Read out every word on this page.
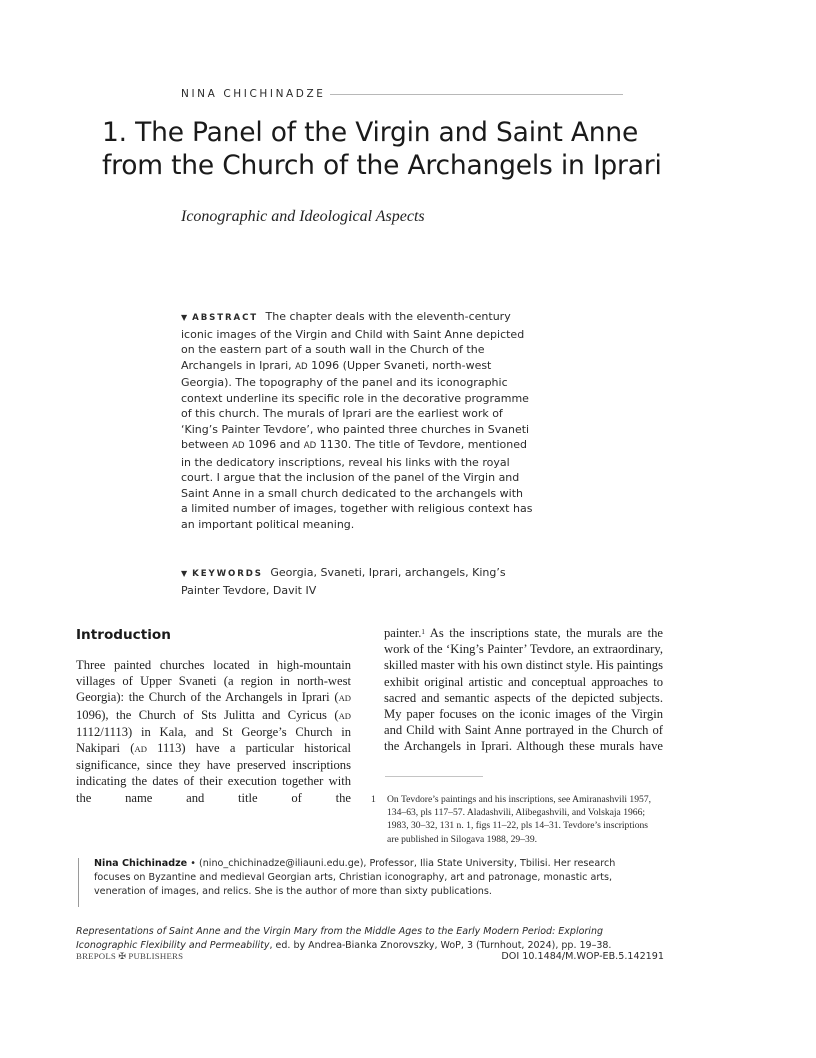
NINA CHICHINADZE
1. The Panel of the Virgin and Saint Anne
from the Church of the Archangels in Iprari
Iconographic and Ideological Aspects
▼ ABSTRACT The chapter deals with the eleventh-century iconic images of the Virgin and Child with Saint Anne depicted on the eastern part of a south wall in the Church of the Archangels in Iprari, AD 1096 (Upper Svaneti, north-west Georgia). The topography of the panel and its iconographic context underline its specific role in the decorative programme of this church. The murals of Iprari are the earliest work of ‘King’s Painter Tevdore’, who painted three churches in Svaneti between AD 1096 and AD 1130. The title of Tevdore, mentioned in the dedicatory inscriptions, reveal his links with the royal court. I argue that the inclusion of the panel of the Virgin and Saint Anne in a small church dedicated to the archangels with a limited number of images, together with religious context has an important political meaning.
▼ KEYWORDS Georgia, Svaneti, Iprari, archangels, King’s Painter Tevdore, Davit IV
Introduction

Three painted churches located in high-mountain villages of Upper Svaneti (a region in north-west Georgia): the Church of the Archangels in Iprari (AD 1096), the Church of Sts Julitta and Cyricus (AD 1112/1113) in Kala, and St George’s Church in Nakipari (AD 1113) have a particular historical significance, since they have preserved inscriptions indicating the dates of their execution together with the name and title of the

painter.$^1$ As the inscriptions state, the murals are the work of the ‘King’s Painter’ Tevdore, an extraordinary, skilled master with his own distinct style. His paintings exhibit original artistic and conceptual approaches to sacred and semantic aspects of the depicted subjects. My paper focuses on the iconic images of the Virgin and Child with Saint Anne portrayed in the Church of the Archangels in Iprari. Although these murals have

1	On Tevdore’s paintings and his inscriptions, see Amiranashvili 1957, 134–63, pls 117–57. Aladashvili, Alibegashvili, and Volskaja 1966; 1983, 30–32, 131 n. 1, figs 11–22, pls 14–31. Tevdore’s inscriptions are published in Silogava 1988, 29–39.
Nina Chichinadze • (nino_chichinadze@iliauni.edu.ge), Professor, Ilia State University, Tbilisi. Her research focuses on Byzantine and medieval Georgian arts, Christian iconography, art and patronage, monastic arts, veneration of images, and relics. She is the author of more than sixty publications.
Representations of Saint Anne and the Virgin Mary from the Middle Ages to the Early Modern Period: Exploring Iconographic Flexibility and Permeability, ed. by Andrea-Bianka Znorovszky, WoP, 3 (Turnhout, 2024), pp. 19–38.
BREPOLS ✠ PUBLISHERS	DOI 10.1484/M.WOP-EB.5.142191
